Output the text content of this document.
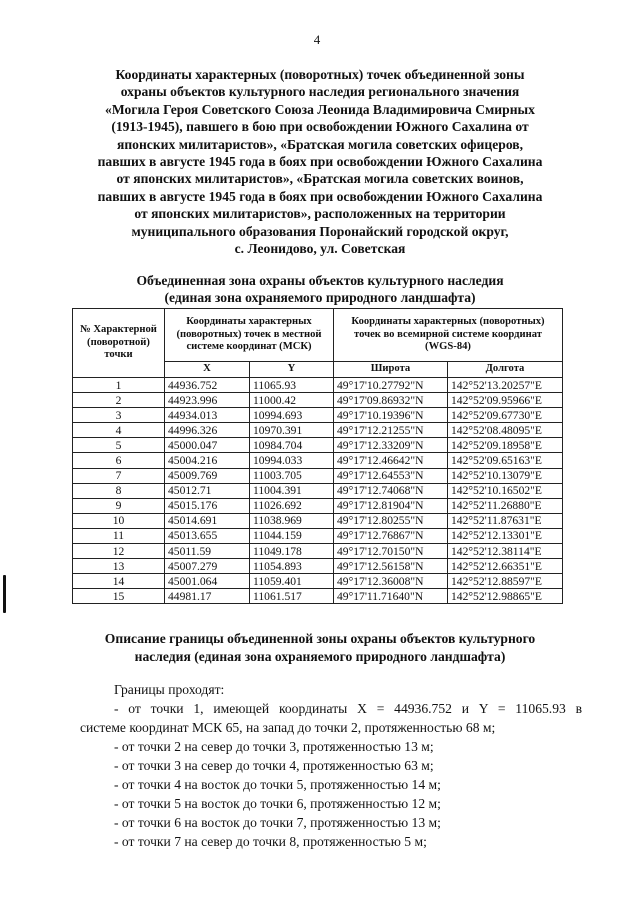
4
Координаты характерных (поворотных) точек объединенной зоны
охраны объектов культурного наследия регионального значения
«Могила Героя Советского Союза Леонида Владимировича Смирных
(1913-1945), павшего в бою при освобождении Южного Сахалина от
японских милитаристов», «Братская могила советских офицеров,
павших в августе 1945 года в боях при освобождении Южного Сахалина
от японских милитаристов», «Братская могила советских воинов,
павших в августе 1945 года в боях при освобождении Южного Сахалина
от японских милитаристов», расположенных на территории
муниципального образования Поронайский городской округ,
с. Леонидово, ул. Советская
Объединенная зона охраны объектов культурного наследия
(единая зона охраняемого природного ландшафта)
№ Характерной (поворотной) точки	Координаты характерных (поворотных) точек в местной системе координат (МСК)		Координаты характерных (поворотных) точек во всемирной системе координат (WGS-84)	
	X	Y	Широта	Долгота
1	44936.752	11065.93	49°17'10.27792"N	142°52'13.20257"E
2	44923.996	11000.42	49°17'09.86932"N	142°52'09.95966"E
3	44934.013	10994.693	49°17'10.19396"N	142°52'09.67730"E
4	44996.326	10970.391	49°17'12.21255"N	142°52'08.48095"E
5	45000.047	10984.704	49°17'12.33209"N	142°52'09.18958"E
6	45004.216	10994.033	49°17'12.46642"N	142°52'09.65163"E
7	45009.769	11003.705	49°17'12.64553"N	142°52'10.13079"E
8	45012.71	11004.391	49°17'12.74068"N	142°52'10.16502"E
9	45015.176	11026.692	49°17'12.81904"N	142°52'11.26880"E
10	45014.691	11038.969	49°17'12.80255"N	142°52'11.87631"E
11	45013.655	11044.159	49°17'12.76867"N	142°52'12.13301"E
12	45011.59	11049.178	49°17'12.70150"N	142°52'12.38114"E
13	45007.279	11054.893	49°17'12.56158"N	142°52'12.66351"E
14	45001.064	11059.401	49°17'12.36008"N	142°52'12.88597"E
15	44981.17	11061.517	49°17'11.71640"N	142°52'12.98865"E
Описание границы объединенной зоны охраны объектов культурного
наследия (единая зона охраняемого природного ландшафта)
Границы проходят:
- от точки 1, имеющей координаты X = 44936.752 и Y = 11065.93 в
системе координат МСК 65, на запад до точки 2, протяженностью 68 м;
- от точки 2 на север до точки 3, протяженностью 13 м;
- от точки 3 на север до точки 4, протяженностью 63 м;
- от точки 4 на восток до точки 5, протяженностью 14 м;
- от точки 5 на восток до точки 6, протяженностью 12 м;
- от точки 6 на восток до точки 7, протяженностью 13 м;
- от точки 7 на север до точки 8, протяженностью 5 м;
